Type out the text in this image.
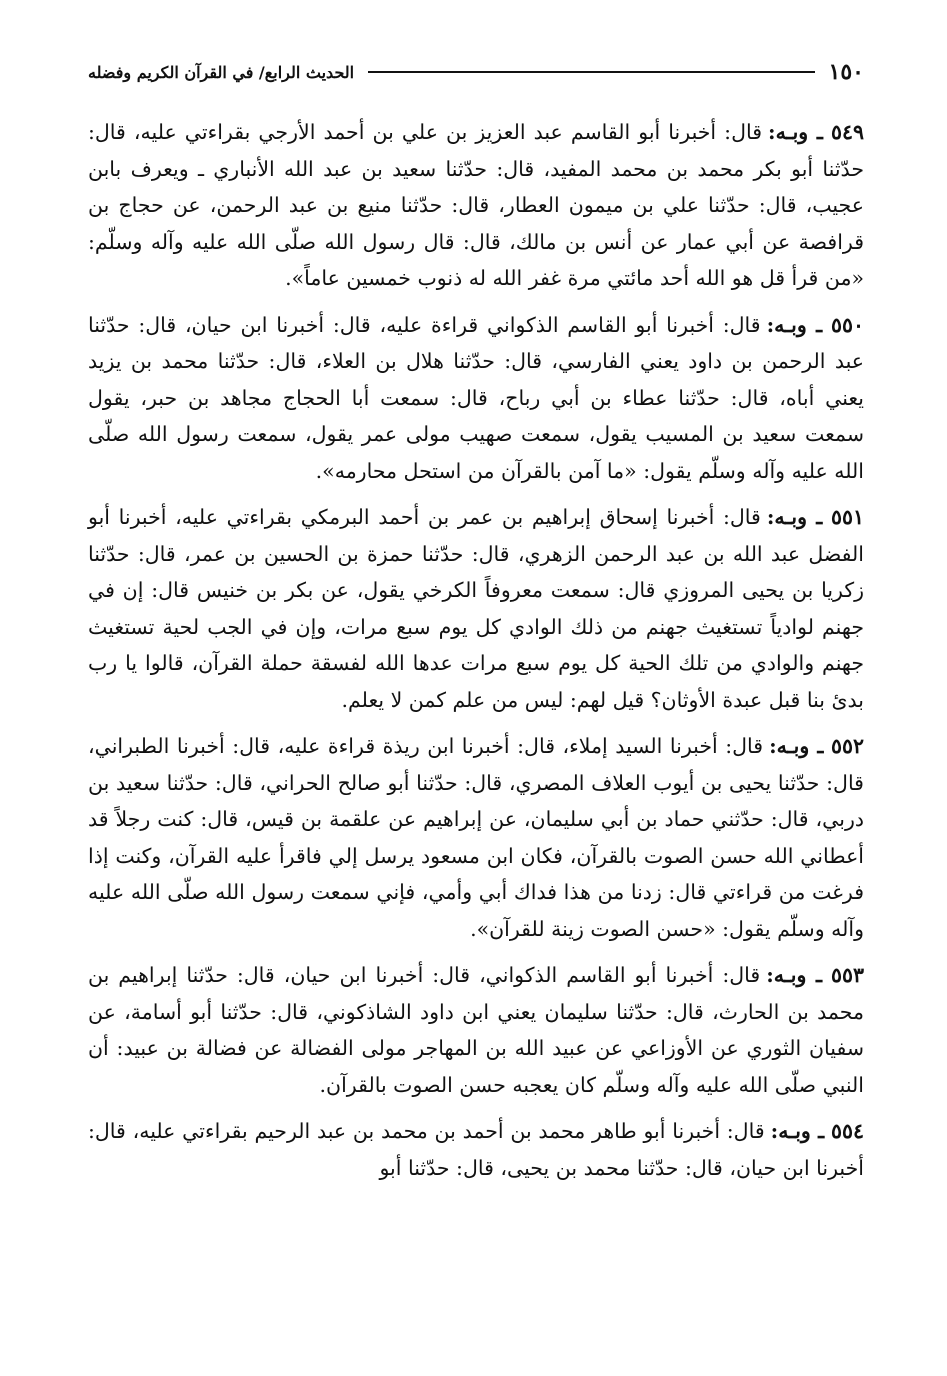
١٥٠
الحديث الرابع/ في القرآن الكريم وفضله

٥٤٩ ـ وبـه:قال: أخبرنا أبو القاسم عبد العزيز بن علي بن أحمد الأرجي بقراءتي عليه، قال: حدّثنا أبو بكر محمد بن محمد المفيد، قال: حدّثنا سعيد بن عبد الله الأنباري ـ ويعرف بابن عجيب، قال: حدّثنا علي بن ميمون العطار، قال: حدّثنا منيع بن عبد الرحمن، عن حجاج بن قرافصة عن أبي عمار عن أنس بن مالك، قال: قال رسول الله صلّى الله عليه وآله وسلّم: «من قرأ قل هو الله أحد مائتي مرة غفر الله له ذنوب خمسين عاماً».

٥٥٠ ـ وبـه:قال: أخبرنا أبو القاسم الذكواني قراءة عليه، قال: أخبرنا ابن حيان، قال: حدّثنا عبد الرحمن بن داود يعني الفارسي، قال: حدّثنا هلال بن العلاء، قال: حدّثنا محمد بن يزيد يعني أباه، قال: حدّثنا عطاء بن أبي رباح، قال: سمعت أبا الحجاج مجاهد بن حبر، يقول سمعت سعيد بن المسيب يقول، سمعت صهيب مولى عمر يقول، سمعت رسول الله صلّى الله عليه وآله وسلّم يقول: «ما آمن بالقرآن من استحل محارمه».

٥٥١ ـ وبـه:قال: أخبرنا إسحاق إبراهيم بن عمر بن أحمد البرمكي بقراءتي عليه، أخبرنا أبو الفضل عبد الله بن عبد الرحمن الزهري، قال: حدّثنا حمزة بن الحسين بن عمر، قال: حدّثنا زكريا بن يحيى المروزي قال: سمعت معروفاً الكرخي يقول، عن بكر بن خنيس قال: إن في جهنم لوادياً تستغيث جهنم من ذلك الوادي كل يوم سبع مرات، وإن في الجب لحية تستغيث جهنم والوادي من تلك الحية كل يوم سبع مرات عدها الله لفسقة حملة القرآن، قالوا يا رب بدئ بنا قبل عبدة الأوثان؟ قيل لهم: ليس من علم كمن لا يعلم.

٥٥٢ ـ وبـه:قال: أخبرنا السيد إملاء، قال: أخبرنا ابن ريذة قراءة عليه، قال: أخبرنا الطبراني، قال: حدّثنا يحيى بن أيوب العلاف المصري، قال: حدّثنا أبو صالح الحراني، قال: حدّثنا سعيد بن دربي، قال: حدّثني حماد بن أبي سليمان، عن إبراهيم عن علقمة بن قيس، قال: كنت رجلاً قد أعطاني الله حسن الصوت بالقرآن، فكان ابن مسعود يرسل إلي فاقرأ عليه القرآن، وكنت إذا فرغت من قراءتي قال: زدنا من هذا فداك أبي وأمي، فإني سمعت رسول الله صلّى الله عليه وآله وسلّم يقول: «حسن الصوت زينة للقرآن».

٥٥٣ ـ وبـه:قال: أخبرنا أبو القاسم الذكواني، قال: أخبرنا ابن حيان، قال: حدّثنا إبراهيم بن محمد بن الحارث، قال: حدّثنا سليمان يعني ابن داود الشاذكوني، قال: حدّثنا أبو أسامة، عن سفيان الثوري عن الأوزاعي عن عبيد الله بن المهاجر مولى الفضالة عن فضالة بن عبيد: أن النبي صلّى الله عليه وآله وسلّم كان يعجبه حسن الصوت بالقرآن.

٥٥٤ ـ وبـه:قال: أخبرنا أبو طاهر محمد بن أحمد بن محمد بن عبد الرحيم بقراءتي عليه، قال: أخبرنا ابن حيان، قال: حدّثنا محمد بن يحيى، قال: حدّثنا أبو
